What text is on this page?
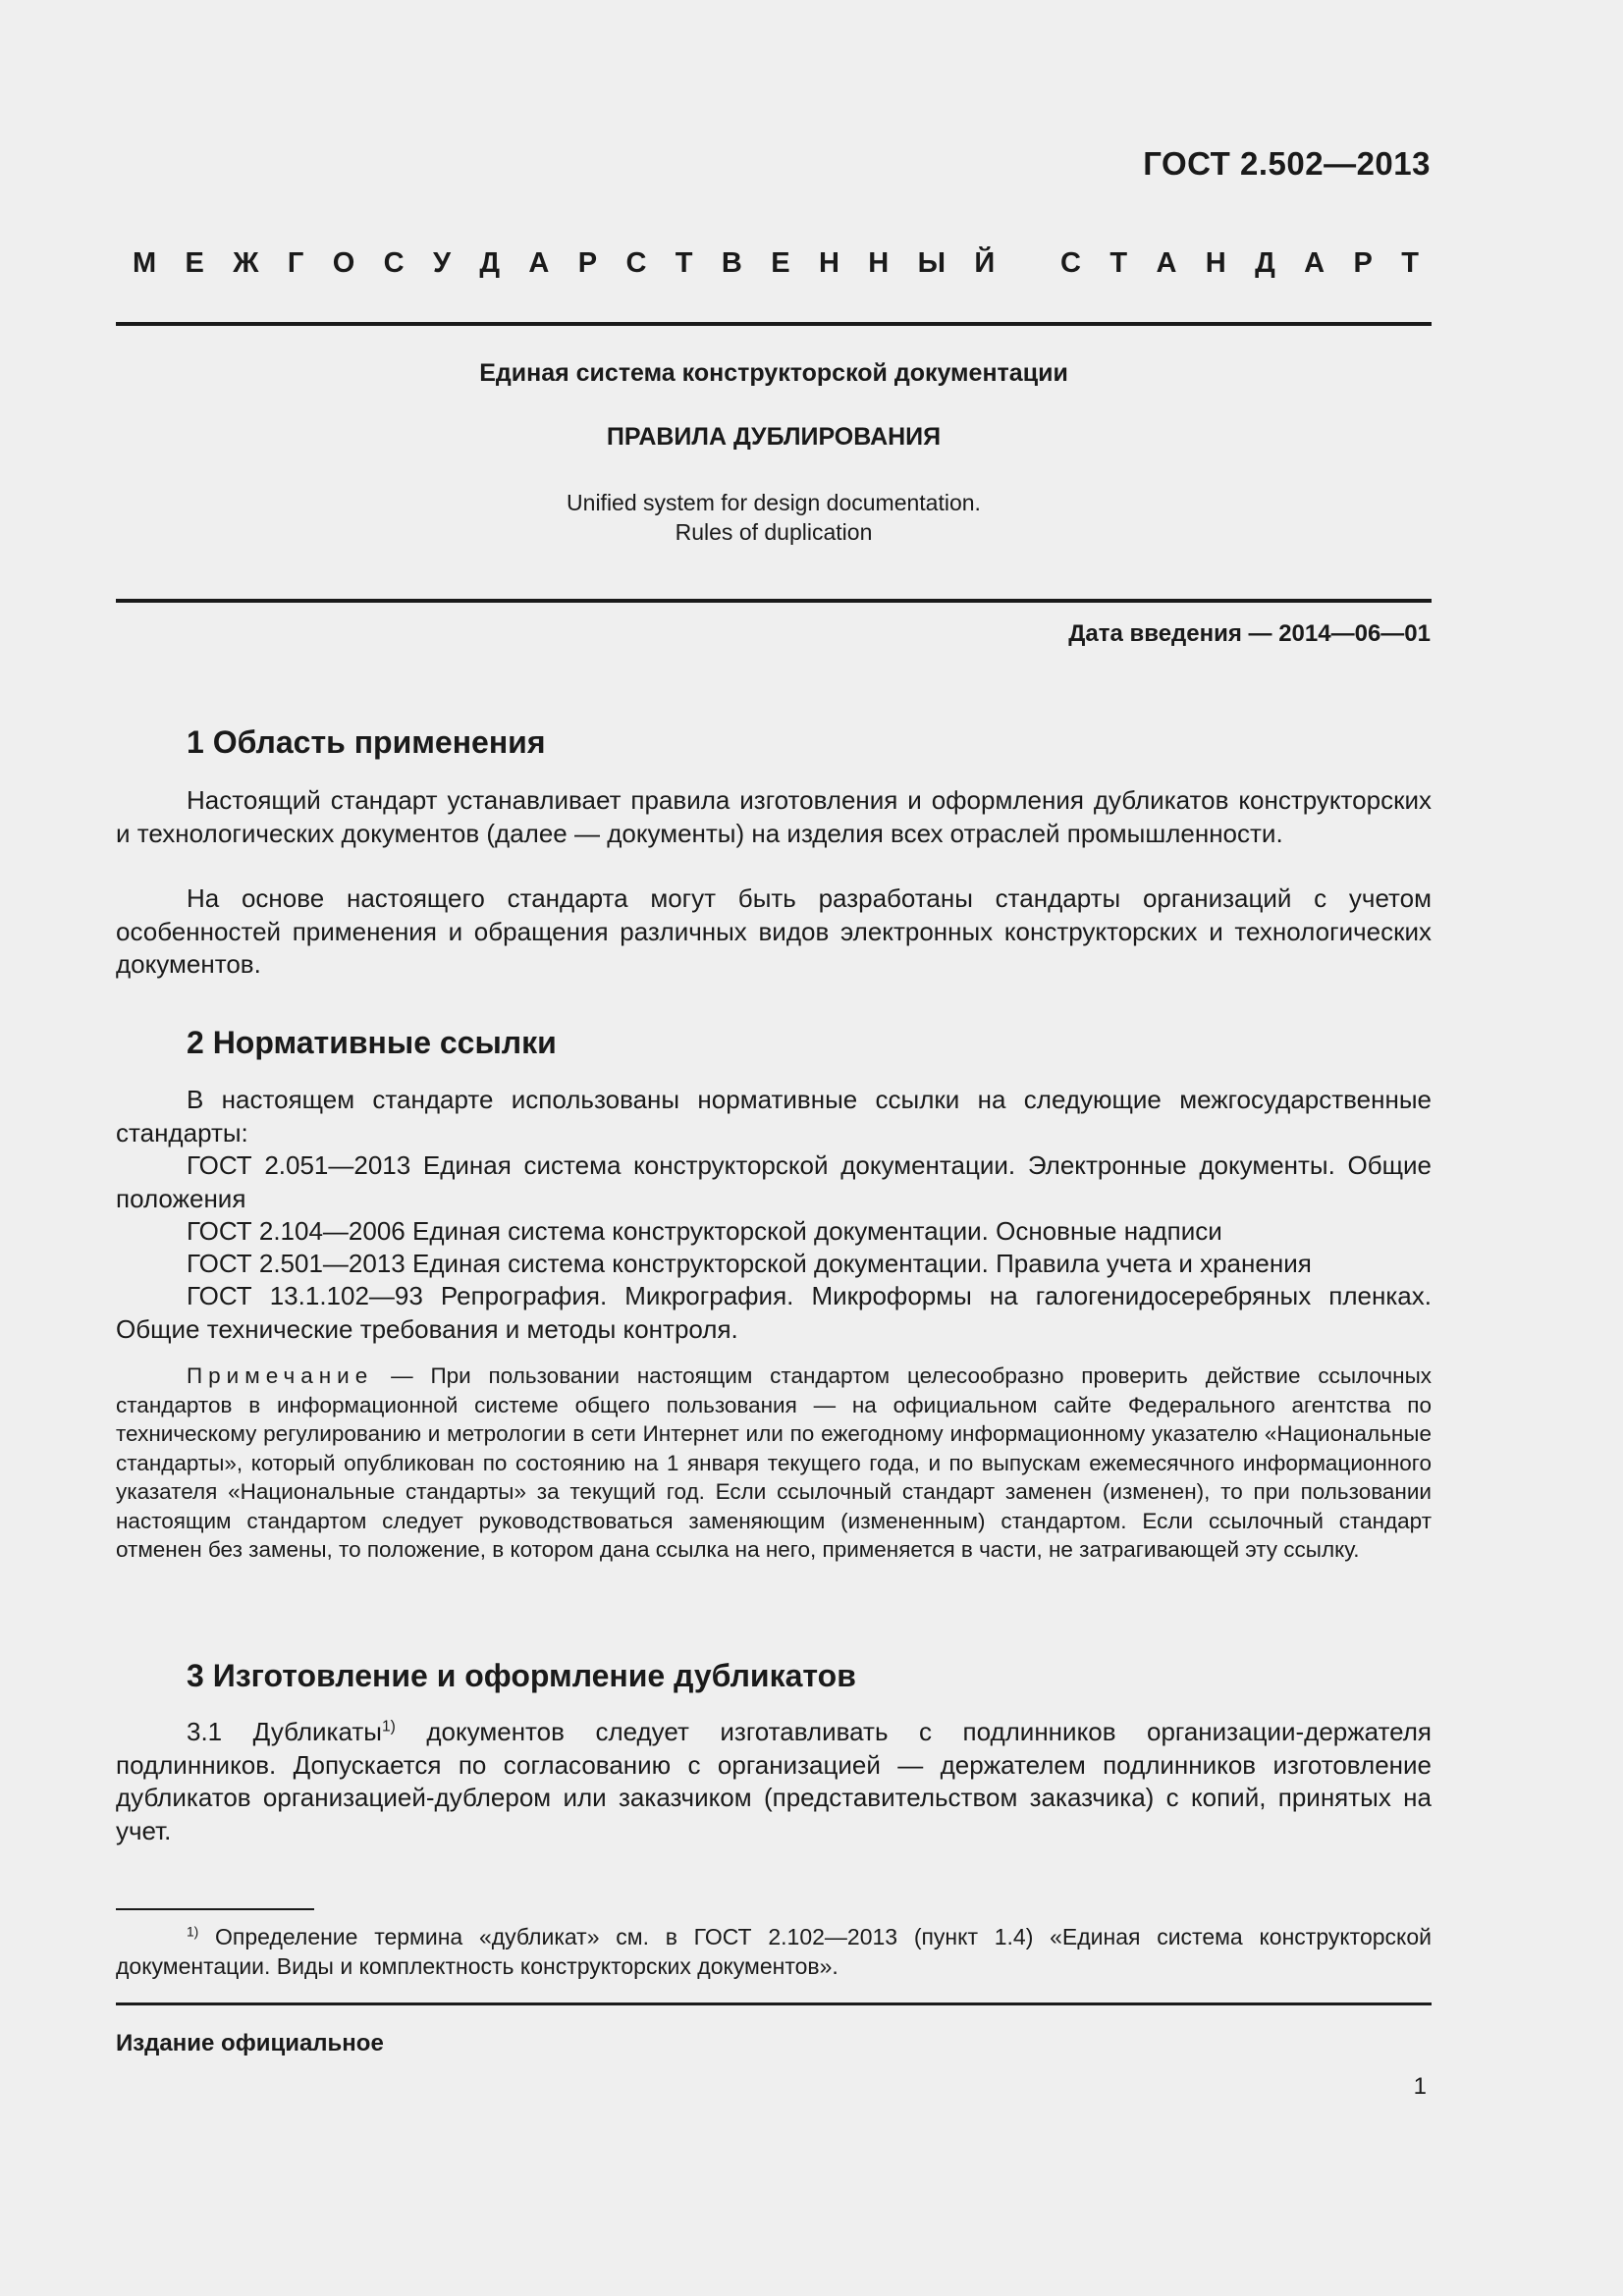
ГОСТ 2.502—2013
М Е Ж Г О С У Д А Р С Т В Е Н Н Ы Й
С Т А Н Д А Р Т
Единая система конструкторской документации
ПРАВИЛА ДУБЛИРОВАНИЯ
Unified system for design documentation.
Rules of duplication
Дата введения — 2014—06—01
1 Область применения

Настоящий стандарт устанавливает правила изготовления и оформления дубликатов конструкторских и технологических документов (далее — документы) на изделия всех отраслей промышленности.

На основе настоящего стандарта могут быть разработаны стандарты организаций с учетом особенностей применения и обращения различных видов электронных конструкторских и технологических документов.

2 Нормативные ссылки

В настоящем стандарте использованы нормативные ссылки на следующие межгосударственные стандарты:

ГОСТ 2.051—2013 Единая система конструкторской документации. Электронные документы. Общие положения

ГОСТ 2.104—2006 Единая система конструкторской документации. Основные надписи

ГОСТ 2.501—2013 Единая система конструкторской документации. Правила учета и хранения

ГОСТ 13.1.102—93 Репрография. Микрография. Микроформы на галогенидосеребряных пленках. Общие технические требования и методы контроля.

Примечание — При пользовании настоящим стандартом целесообразно проверить действие ссылочных стандартов в информационной системе общего пользования — на официальном сайте Федерального агентства по техническому регулированию и метрологии в сети Интернет или по ежегодному информационному указателю «Национальные стандарты», который опубликован по состоянию на 1 января текущего года, и по выпускам ежемесячного информационного указателя «Национальные стандарты» за текущий год. Если ссылочный стандарт заменен (изменен), то при пользовании настоящим стандартом следует руководствоваться заменяющим (измененным) стандартом. Если ссылочный стандарт отменен без замены, то положение, в котором дана ссылка на него, применяется в части, не затрагивающей эту ссылку.

3 Изготовление и оформление дубликатов

3.1 Дубликаты$^{1)}$ документов следует изготавливать с подлинников организации-держателя подлинников. Допускается по согласованию с организацией — держателем подлинников изготовление дубликатов организацией-дублером или заказчиком (представительством заказчика) с копий, принятых на учет.

$^{1)}$ Определение термина «дубликат» см. в ГОСТ 2.102—2013 (пункт 1.4) «Единая система конструкторской документации. Виды и комплектность конструкторских документов».

Издание официальное
1
